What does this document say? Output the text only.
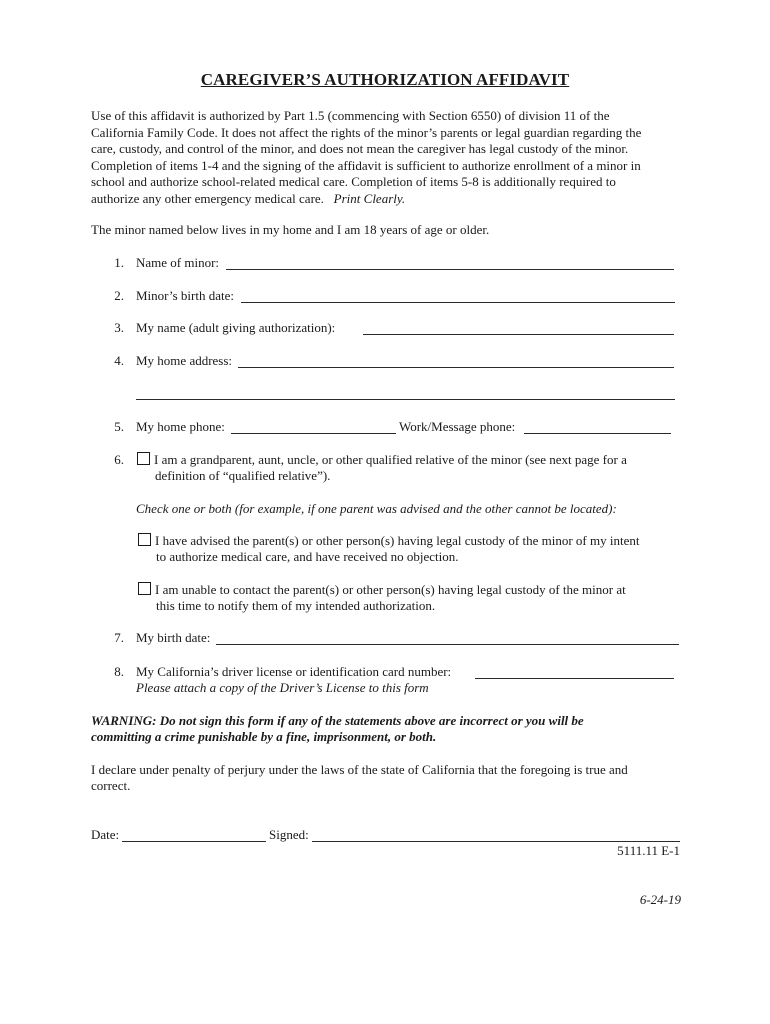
CAREGIVER’S AUTHORIZATION AFFIDAVIT
Use of this affidavit is authorized by Part 1.5 (commencing with Section 6550) of division 11 of the
California Family Code. It does not affect the rights of the minor’s parents or legal guardian regarding the
care, custody, and control of the minor, and does not mean the caregiver has legal custody of the minor.
Completion of items 1-4 and the signing of the affidavit is sufficient to authorize enrollment of a minor in
school and authorize school-related medical care. Completion of items 5-8 is additionally required to
authorize any other emergency medical care. Print Clearly.
The minor named below lives in my home and I am 18 years of age or older.
1. Name of minor:
2. Minor’s birth date:
3. My name (adult giving authorization):
4. My home address:
5. My home phone:	Work/Message phone:
6. I am a grandparent, aunt, uncle, or other qualified relative of the minor (see next page for a
definition of “qualified relative”).
Check one or both (for example, if one parent was advised and the other cannot be located):
I have advised the parent(s) or other person(s) having legal custody of the minor of my intent
to authorize medical care, and have received no objection.
I am unable to contact the parent(s) or other person(s) having legal custody of the minor at
this time to notify them of my intended authorization.
7. My birth date:
8. My California’s driver license or identification card number:
Please attach a copy of the Driver’s License to this form
WARNING: Do not sign this form if any of the statements above are incorrect or you will be
committing a crime punishable by a fine, imprisonment, or both.
I declare under penalty of perjury under the laws of the state of California that the foregoing is true and
correct.
Date:	Signed:
5111.11 E-1
6-24-19
